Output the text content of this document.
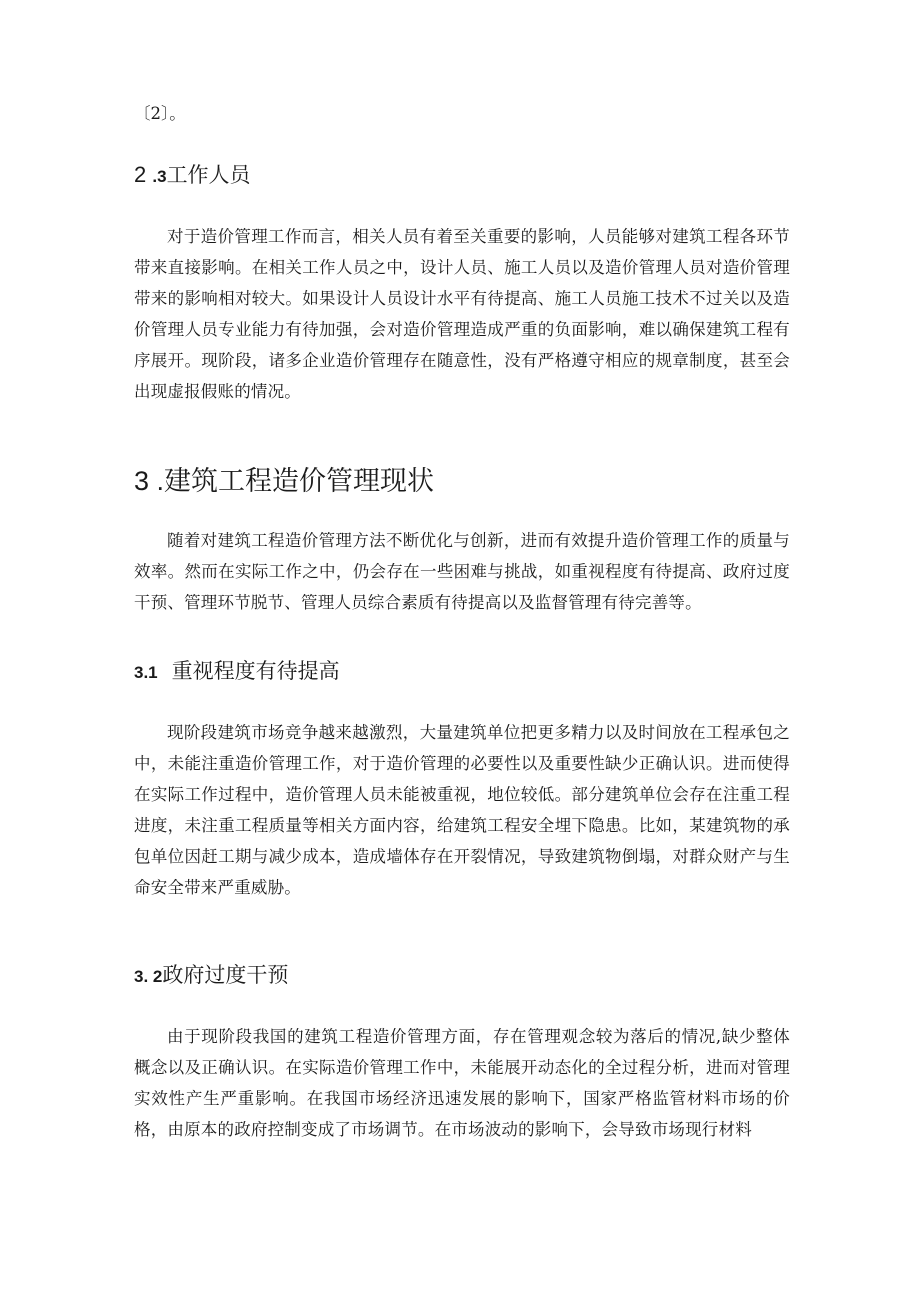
〔2〕。

2 .3工作人员

对于造价管理工作而言，相关人员有着至关重要的影响，人员能够对建筑工程各环节带来直接影响。在相关工作人员之中，设计人员、施工人员以及造价管理人员对造价管理带来的影响相对较大。如果设计人员设计水平有待提高、施工人员施工技术不过关以及造价管理人员专业能力有待加强，会对造价管理造成严重的负面影响，难以确保建筑工程有序展开。现阶段，诸多企业造价管理存在随意性，没有严格遵守相应的规章制度，甚至会出现虚报假账的情况。

3 .建筑工程造价管理现状

随着对建筑工程造价管理方法不断优化与创新，进而有效提升造价管理工作的质量与效率。然而在实际工作之中，仍会存在一些困难与挑战，如重视程度有待提高、政府过度干预、管理环节脱节、管理人员综合素质有待提高以及监督管理有待完善等。

3.1 重视程度有待提高

现阶段建筑市场竞争越来越激烈，大量建筑单位把更多精力以及时间放在工程承包之中，未能注重造价管理工作，对于造价管理的必要性以及重要性缺少正确认识。进而使得在实际工作过程中，造价管理人员未能被重视，地位较低。部分建筑单位会存在注重工程进度，未注重工程质量等相关方面内容，给建筑工程安全埋下隐患。比如，某建筑物的承包单位因赶工期与减少成本，造成墙体存在开裂情况，导致建筑物倒塌，对群众财产与生命安全带来严重威胁。

3. 2政府过度干预

由于现阶段我国的建筑工程造价管理方面，存在管理观念较为落后的情况,缺少整体概念以及正确认识。在实际造价管理工作中，未能展开动态化的全过程分析，进而对管理实效性产生严重影响。在我国市场经济迅速发展的影响下，国家严格监管材料市场的价格，由原本的政府控制变成了市场调节。在市场波动的影响下，会导致市场现行材料
